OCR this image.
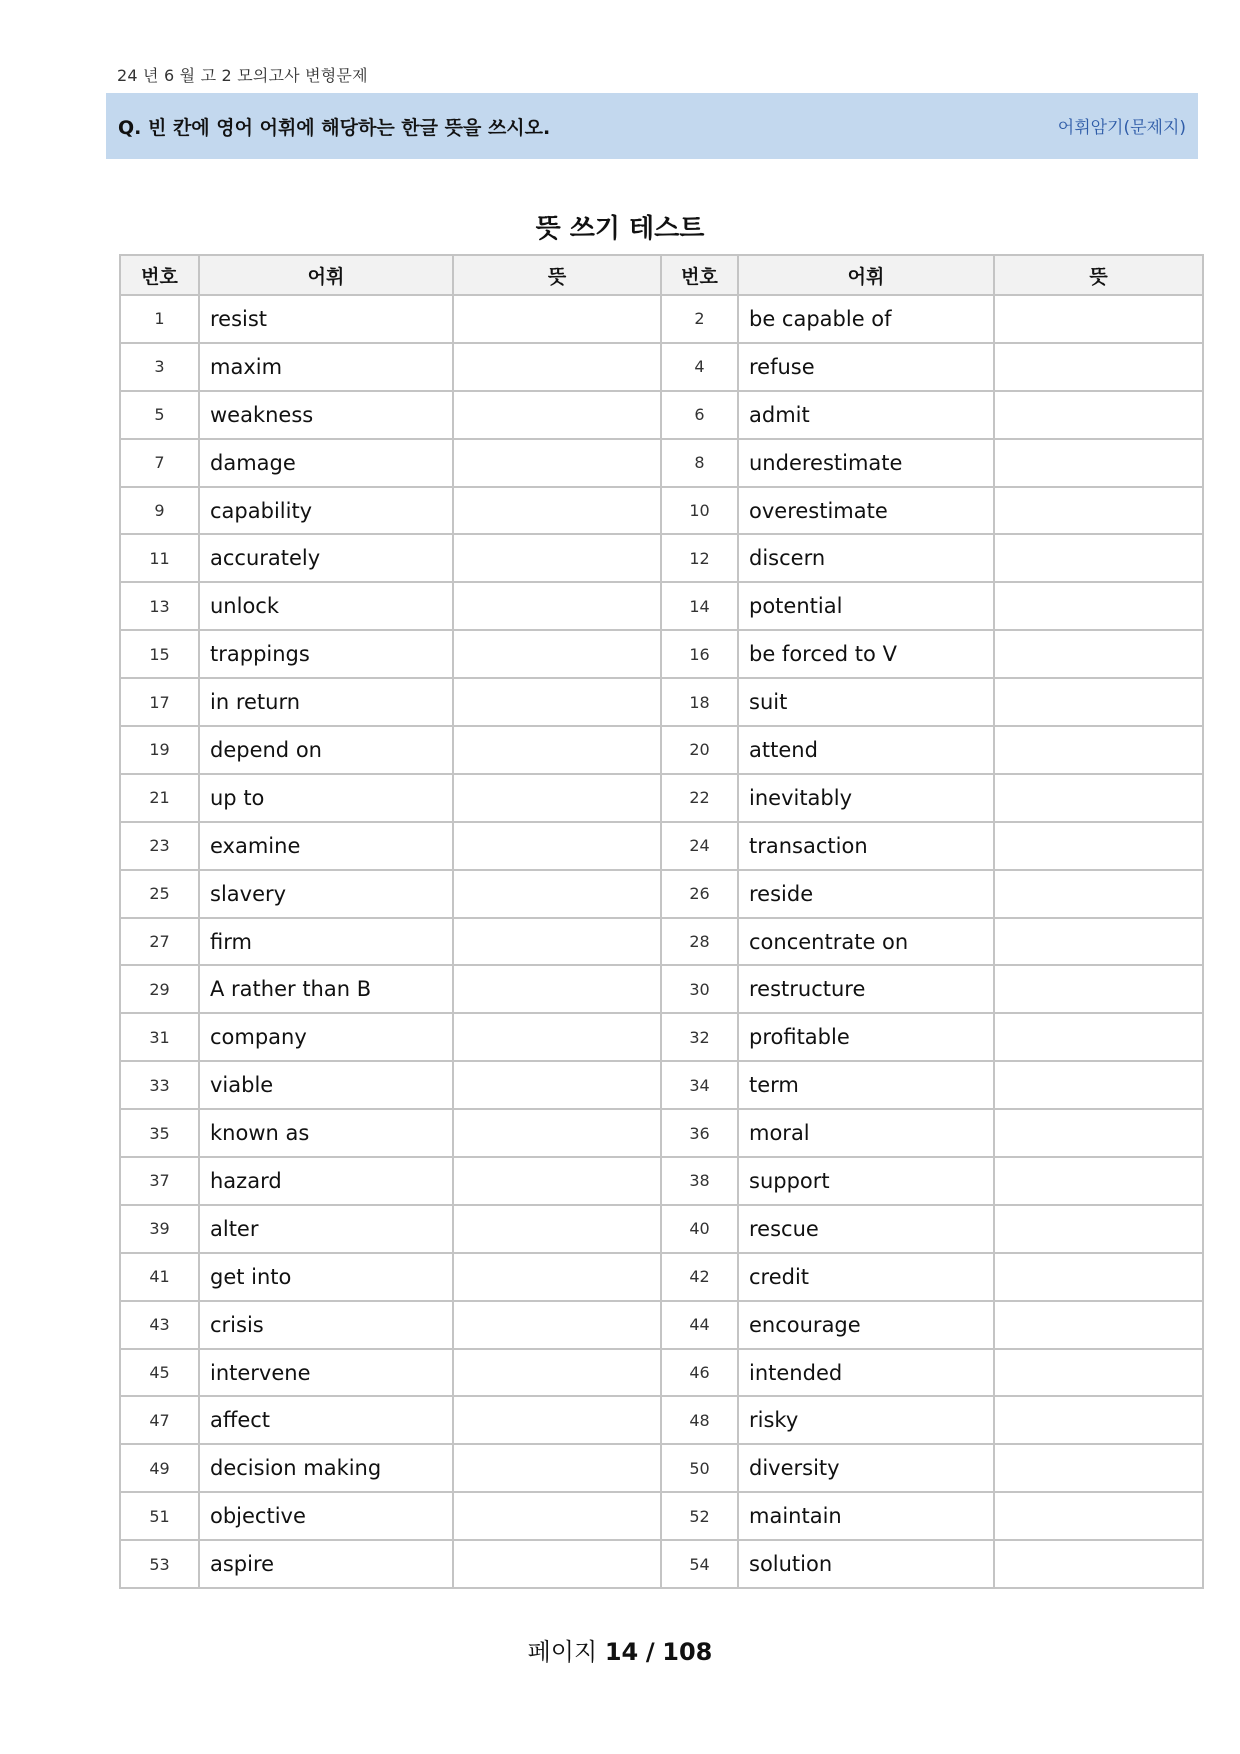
24 년 6 월 고 2 모의고사 변형문제
Q. 빈 칸에 영어 어휘에 해당하는 한글 뜻을 쓰시오.	어휘암기(문제지)
뜻 쓰기 테스트
번호	어휘	뜻	번호	어휘	뜻
1	resist		2	be capable of	
3	maxim		4	refuse	
5	weakness		6	admit	
7	damage		8	underestimate	
9	capability		10	overestimate	
11	accurately		12	discern	
13	unlock		14	potential	
15	trappings		16	be forced to V	
17	in return		18	suit	
19	depend on		20	attend	
21	up to		22	inevitably	
23	examine		24	transaction	
25	slavery		26	reside	
27	firm		28	concentrate on	
29	A rather than B		30	restructure	
31	company		32	profitable	
33	viable		34	term	
35	known as		36	moral	
37	hazard		38	support	
39	alter		40	rescue	
41	get into		42	credit	
43	crisis		44	encourage	
45	intervene		46	intended	
47	affect		48	risky	
49	decision making		50	diversity	
51	objective		52	maintain	
53	aspire		54	solution	
페이지 14 / 108
